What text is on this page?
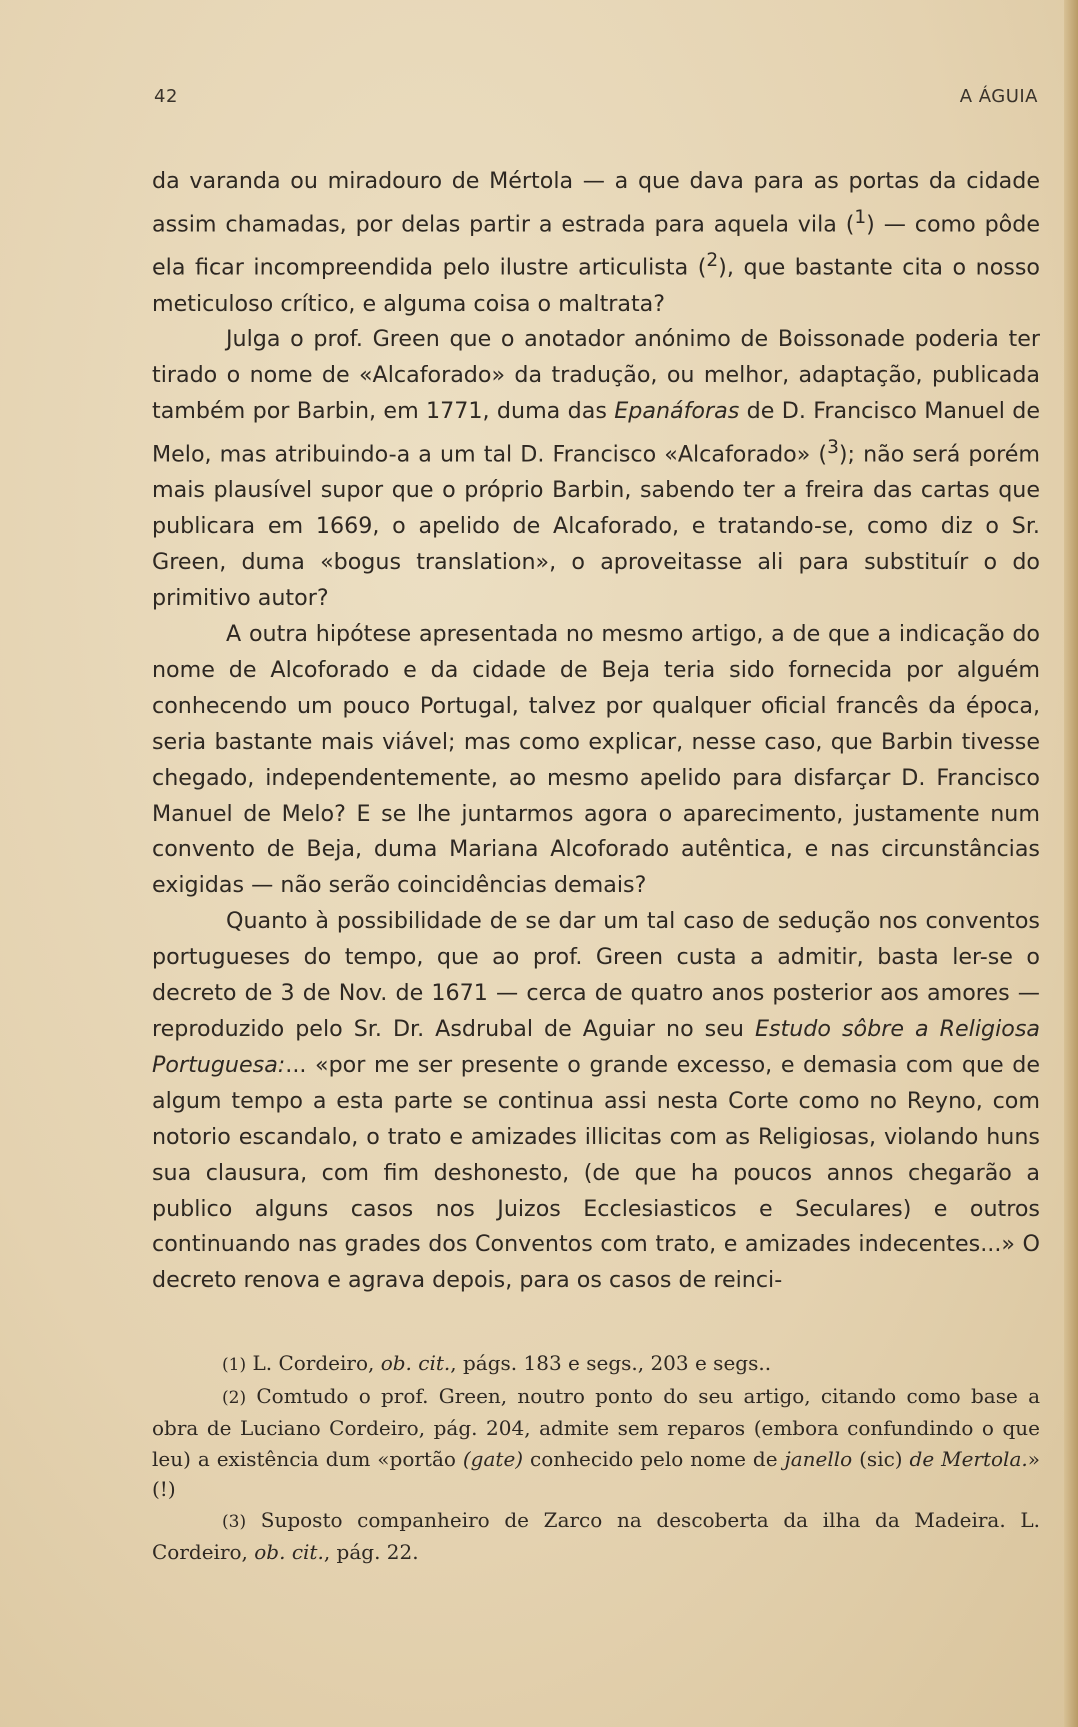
42	A ÁGUIA

da varanda ou miradouro de Mértola — a que dava para as portas da cidade assim chamadas, por delas partir a estrada para aquela vila ($^1$) — como pôde ela ficar incompreendida pelo ilustre articulista ($^2$), que bastante cita o nosso meticuloso crítico, e alguma coisa o maltrata?

Julga o prof. Green que o anotador anónimo de Boissonade poderia ter tirado o nome de «Alcaforado» da tradução, ou melhor, adaptação, publicada também por Barbin, em 1771, duma das Epanáforas de D. Francisco Manuel de Melo, mas atribuindo-a a um tal D. Francisco «Alcaforado» ($^3$); não será porém mais plausível supor que o próprio Barbin, sabendo ter a freira das cartas que publicara em 1669, o apelido de Alcaforado, e tratando-se, como diz o Sr. Green, duma «bogus translation», o aproveitasse ali para substituír o do primitivo autor?

A outra hipótese apresentada no mesmo artigo, a de que a indicação do nome de Alcoforado e da cidade de Beja teria sido fornecida por alguém conhecendo um pouco Portugal, talvez por qualquer oficial francês da época, seria bastante mais viável; mas como explicar, nesse caso, que Barbin tivesse chegado, independentemente, ao mesmo apelido para disfarçar D. Francisco Manuel de Melo? E se lhe juntarmos agora o aparecimento, justamente num convento de Beja, duma Mariana Alcoforado autêntica, e nas circunstâncias exigidas — não serão coincidências demais?

Quanto à possibilidade de se dar um tal caso de sedução nos conventos portugueses do tempo, que ao prof. Green custa a admitir, basta ler-se o decreto de 3 de Nov. de 1671 — cerca de quatro anos posterior aos amores — reproduzido pelo Sr. Dr. Asdrubal de Aguiar no seu Estudo sôbre a Religiosa Portuguesa:... «por me ser presente o grande excesso, e demasia com que de algum tempo a esta parte se continua assi nesta Corte como no Reyno, com notorio escandalo, o trato e amizades illicitas com as Religiosas, violando huns sua clausura, com fim deshonesto, (de que ha poucos annos chegarão a publico alguns casos nos Juizos Ecclesiasticos e Seculares) e outros continuando nas grades dos Conventos com trato, e amizades indecentes...» O decreto renova e agrava depois, para os casos de reinci-

(1) L. Cordeiro, ob. cit., págs. 183 e segs., 203 e segs..

(2) Comtudo o prof. Green, noutro ponto do seu artigo, citando como base a obra de Luciano Cordeiro, pág. 204, admite sem reparos (embora confundindo o que leu) a existência dum «portão (gate) conhecido pelo nome de janello (sic) de Mertola.» (!)

(3) Suposto companheiro de Zarco na descoberta da ilha da Madeira. L. Cordeiro, ob. cit., pág. 22.
